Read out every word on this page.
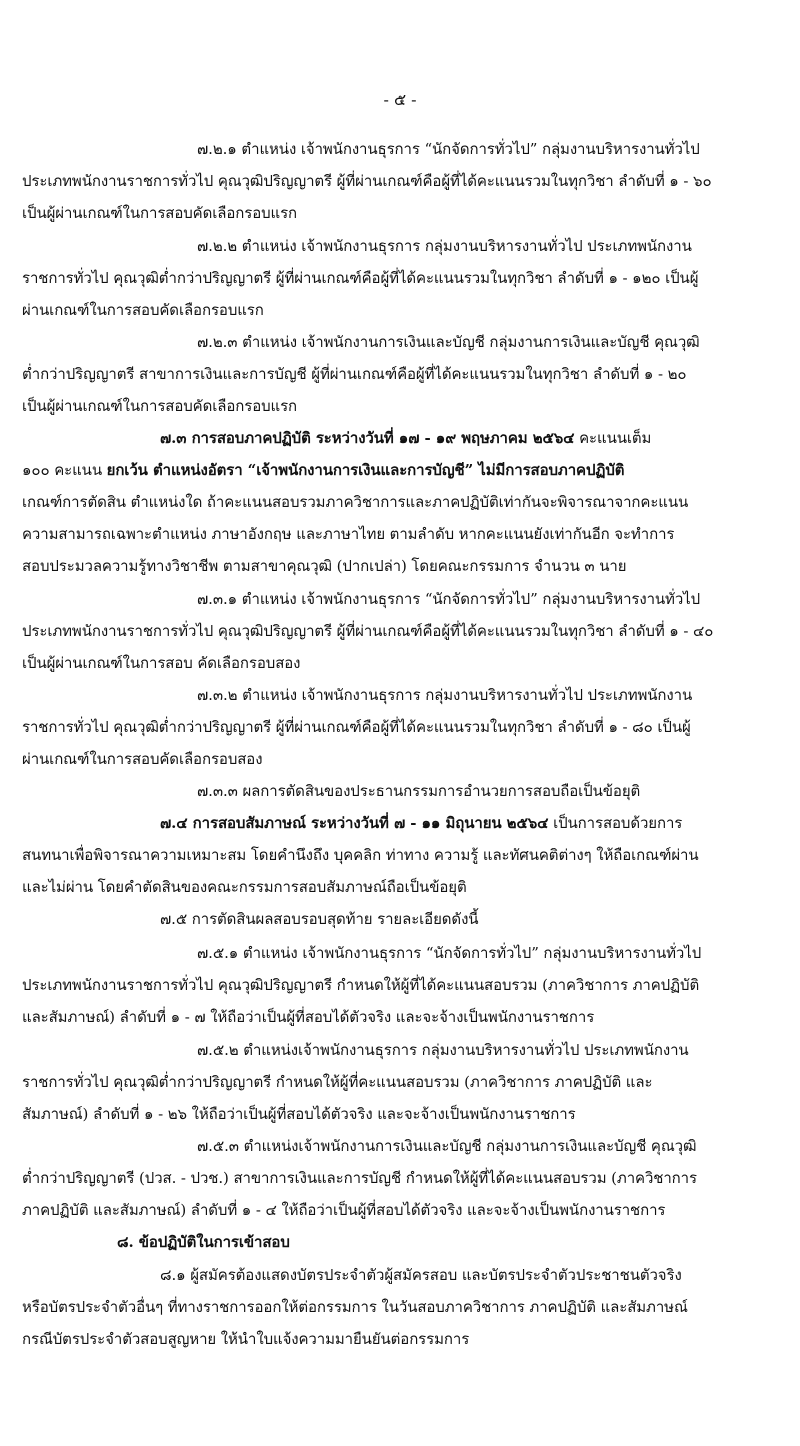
- ๕ -
๗.๒.๑ ตำแหน่ง เจ้าพนักงานธุรการ “นักจัดการทั่วไป” กลุ่มงานบริหารงานทั่วไป
ประเภทพนักงานราชการทั่วไป คุณวุฒิปริญญาตรี ผู้ที่ผ่านเกณฑ์คือผู้ที่ได้คะแนนรวมในทุกวิชา ลำดับที่ ๑ - ๖๐
เป็นผู้ผ่านเกณฑ์ในการสอบคัดเลือกรอบแรก
๗.๒.๒ ตำแหน่ง เจ้าพนักงานธุรการ กลุ่มงานบริหารงานทั่วไป ประเภทพนักงาน
ราชการทั่วไป คุณวุฒิต่ำกว่าปริญญาตรี ผู้ที่ผ่านเกณฑ์คือผู้ที่ได้คะแนนรวมในทุกวิชา ลำดับที่ ๑ - ๑๒๐ เป็นผู้
ผ่านเกณฑ์ในการสอบคัดเลือกรอบแรก
๗.๒.๓ ตำแหน่ง เจ้าพนักงานการเงินและบัญชี กลุ่มงานการเงินและบัญชี คุณวุฒิ
ต่ำกว่าปริญญาตรี สาขาการเงินและการบัญชี ผู้ที่ผ่านเกณฑ์คือผู้ที่ได้คะแนนรวมในทุกวิชา ลำดับที่ ๑ - ๒๐
เป็นผู้ผ่านเกณฑ์ในการสอบคัดเลือกรอบแรก
๗.๓ การสอบภาคปฏิบัติ ระหว่างวันที่ ๑๗ - ๑๙ พฤษภาคม ๒๕๖๔ คะแนนเต็ม
๑๐๐ คะแนน ยกเว้น ตำแหน่งอัตรา “เจ้าพนักงานการเงินและการบัญชี” ไม่มีการสอบภาคปฏิบัติ
เกณฑ์การตัดสิน ตำแหน่งใด ถ้าคะแนนสอบรวมภาควิชาการและภาคปฏิบัติเท่ากันจะพิจารณาจากคะแนน
ความสามารถเฉพาะตำแหน่ง ภาษาอังกฤษ และภาษาไทย ตามลำดับ หากคะแนนยังเท่ากันอีก จะทำการ
สอบประมวลความรู้ทางวิชาชีพ ตามสาขาคุณวุฒิ (ปากเปล่า) โดยคณะกรรมการ จำนวน ๓ นาย
๗.๓.๑ ตำแหน่ง เจ้าพนักงานธุรการ “นักจัดการทั่วไป” กลุ่มงานบริหารงานทั่วไป
ประเภทพนักงานราชการทั่วไป คุณวุฒิปริญญาตรี ผู้ที่ผ่านเกณฑ์คือผู้ที่ได้คะแนนรวมในทุกวิชา ลำดับที่ ๑ - ๔๐
เป็นผู้ผ่านเกณฑ์ในการสอบ คัดเลือกรอบสอง
๗.๓.๒ ตำแหน่ง เจ้าพนักงานธุรการ กลุ่มงานบริหารงานทั่วไป ประเภทพนักงาน
ราชการทั่วไป คุณวุฒิต่ำกว่าปริญญาตรี ผู้ที่ผ่านเกณฑ์คือผู้ที่ได้คะแนนรวมในทุกวิชา ลำดับที่ ๑ - ๘๐ เป็นผู้
ผ่านเกณฑ์ในการสอบคัดเลือกรอบสอง
๗.๓.๓ ผลการตัดสินของประธานกรรมการอำนวยการสอบถือเป็นข้อยุติ
๗.๔ การสอบสัมภาษณ์ ระหว่างวันที่ ๗ - ๑๑ มิถุนายน ๒๕๖๔ เป็นการสอบด้วยการ
สนทนาเพื่อพิจารณาความเหมาะสม โดยคำนึงถึง บุคคลิก ท่าทาง ความรู้ และทัศนคติต่างๆ ให้ถือเกณฑ์ผ่าน
และไม่ผ่าน โดยคำตัดสินของคณะกรรมการสอบสัมภาษณ์ถือเป็นข้อยุติ
๗.๕ การตัดสินผลสอบรอบสุดท้าย รายละเอียดดังนี้
๗.๕.๑ ตำแหน่ง เจ้าพนักงานธุรการ “นักจัดการทั่วไป” กลุ่มงานบริหารงานทั่วไป
ประเภทพนักงานราชการทั่วไป คุณวุฒิปริญญาตรี กำหนดให้ผู้ที่ได้คะแนนสอบรวม (ภาควิชาการ ภาคปฏิบัติ
และสัมภาษณ์) ลำดับที่ ๑ - ๗ ให้ถือว่าเป็นผู้ที่สอบได้ตัวจริง และจะจ้างเป็นพนักงานราชการ
๗.๕.๒ ตำแหน่งเจ้าพนักงานธุรการ กลุ่มงานบริหารงานทั่วไป ประเภทพนักงาน
ราชการทั่วไป คุณวุฒิต่ำกว่าปริญญาตรี กำหนดให้ผู้ที่คะแนนสอบรวม (ภาควิชาการ ภาคปฏิบัติ และ
สัมภาษณ์) ลำดับที่ ๑ - ๒๖ ให้ถือว่าเป็นผู้ที่สอบได้ตัวจริง และจะจ้างเป็นพนักงานราชการ
๗.๕.๓ ตำแหน่งเจ้าพนักงานการเงินและบัญชี กลุ่มงานการเงินและบัญชี คุณวุฒิ
ต่ำกว่าปริญญาตรี (ปวส. - ปวช.) สาขาการเงินและการบัญชี กำหนดให้ผู้ที่ได้คะแนนสอบรวม (ภาควิชาการ
ภาคปฏิบัติ และสัมภาษณ์) ลำดับที่ ๑ - ๔ ให้ถือว่าเป็นผู้ที่สอบได้ตัวจริง และจะจ้างเป็นพนักงานราชการ
๘. ข้อปฏิบัติในการเข้าสอบ
๘.๑ ผู้สมัครต้องแสดงบัตรประจำตัวผู้สมัครสอบ และบัตรประจำตัวประชาชนตัวจริง
หรือบัตรประจำตัวอื่นๆ ที่ทางราชการออกให้ต่อกรรมการ ในวันสอบภาควิชาการ ภาคปฏิบัติ และสัมภาษณ์
กรณีบัตรประจำตัวสอบสูญหาย ให้นำใบแจ้งความมายืนยันต่อกรรมการ
